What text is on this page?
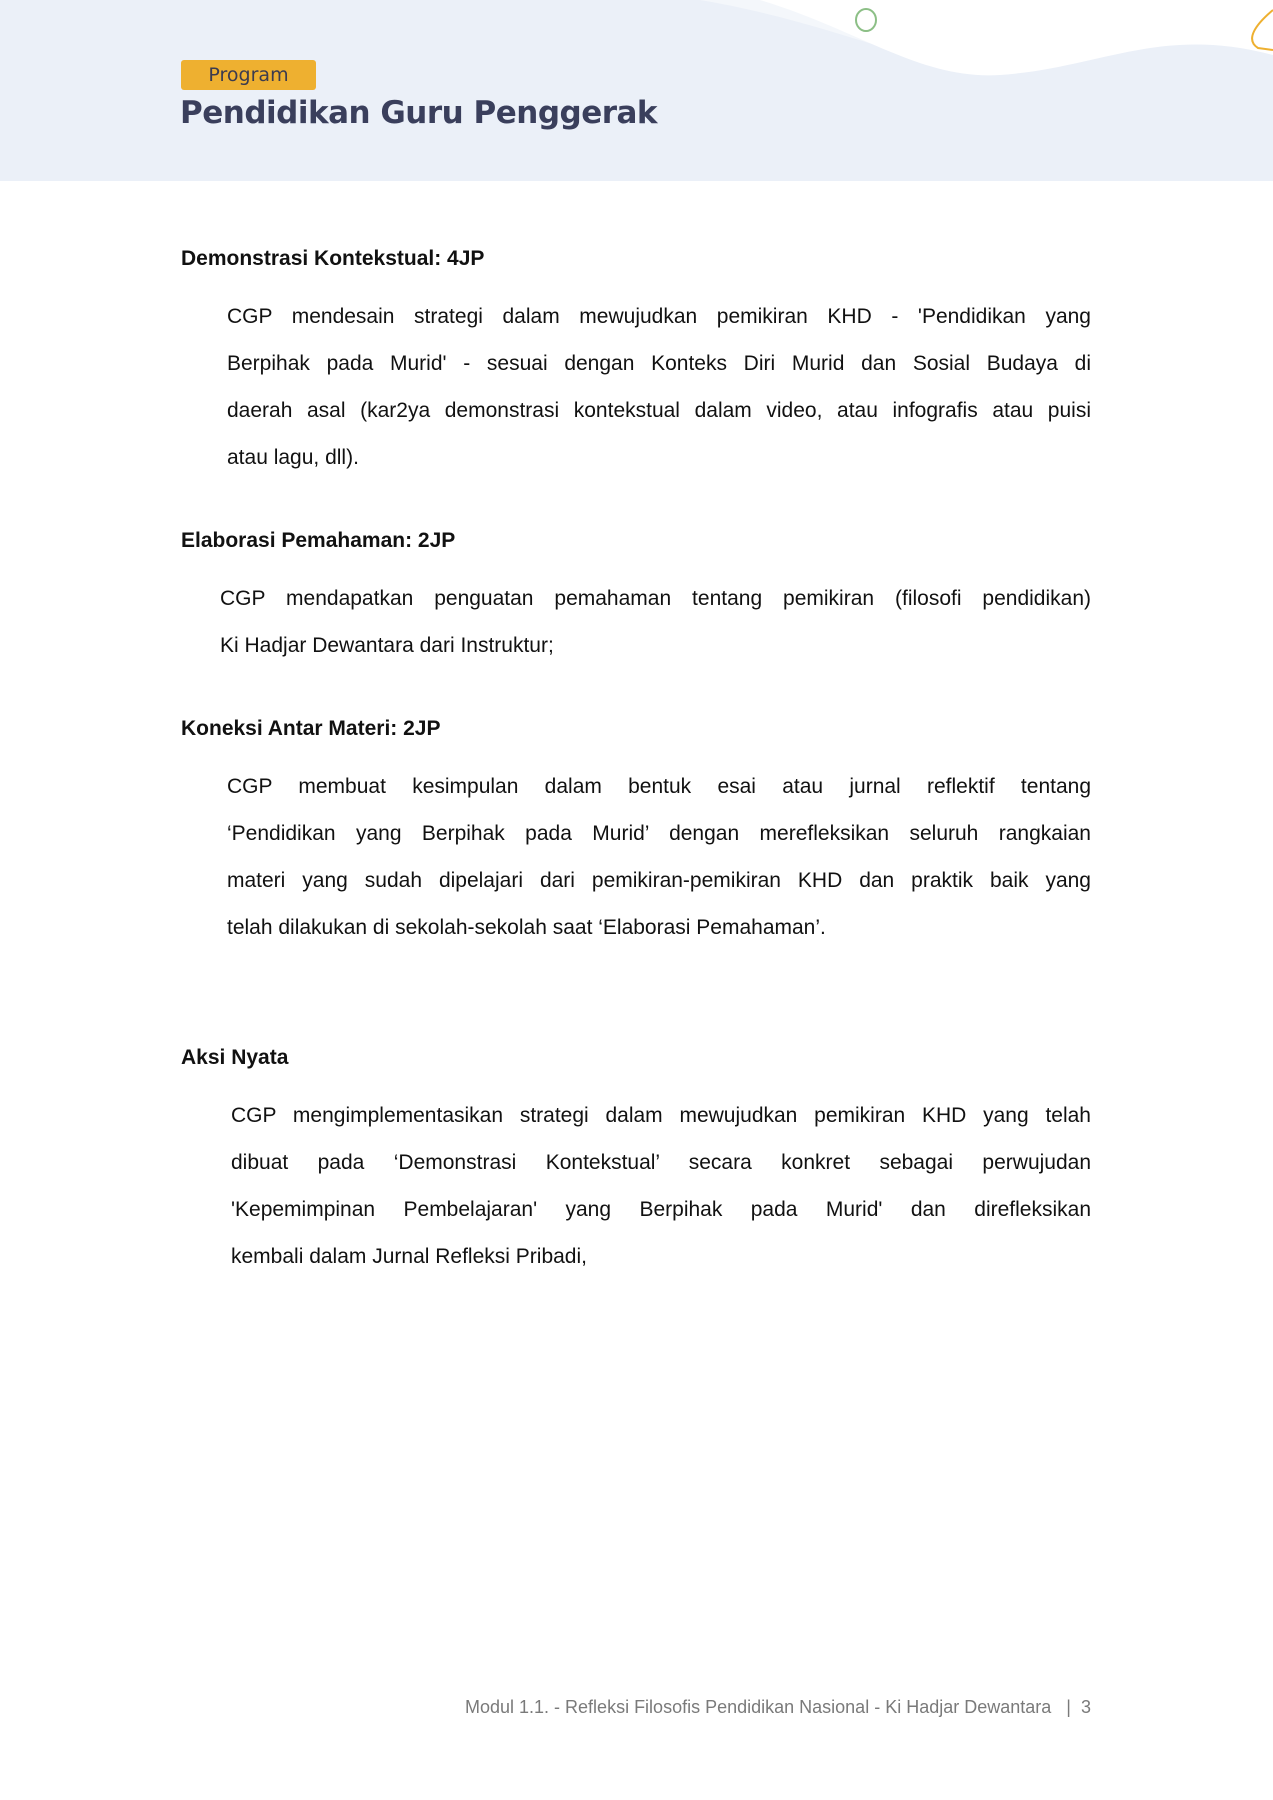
Program
Pendidikan Guru Penggerak
Demonstrasi Kontekstual: 4JP
CGP mendesain strategi dalam mewujudkan pemikiran KHD - 'Pendidikan yang
Berpihak pada Murid' - sesuai dengan Konteks Diri Murid dan Sosial Budaya di
daerah asal (kar2ya demonstrasi kontekstual dalam video, atau infografis atau puisi
atau lagu, dll).
Elaborasi Pemahaman: 2JP
CGP mendapatkan penguatan pemahaman tentang pemikiran (filosofi pendidikan)
Ki Hadjar Dewantara dari Instruktur;
Koneksi Antar Materi: 2JP
CGP membuat kesimpulan dalam bentuk esai atau jurnal reflektif tentang
‘Pendidikan yang Berpihak pada Murid’ dengan merefleksikan seluruh rangkaian
materi yang sudah dipelajari dari pemikiran-pemikiran KHD dan praktik baik yang
telah dilakukan di sekolah-sekolah saat ‘Elaborasi Pemahaman’.
Aksi Nyata
CGP mengimplementasikan strategi dalam mewujudkan pemikiran KHD yang telah
dibuat pada ‘Demonstrasi Kontekstual’ secara konkret sebagai perwujudan
'Kepemimpinan Pembelajaran' yang Berpihak pada Murid' dan direfleksikan
kembali dalam Jurnal Refleksi Pribadi,
Modul 1.1. - Refleksi Filosofis Pendidikan Nasional - Ki Hadjar Dewantara | 3
